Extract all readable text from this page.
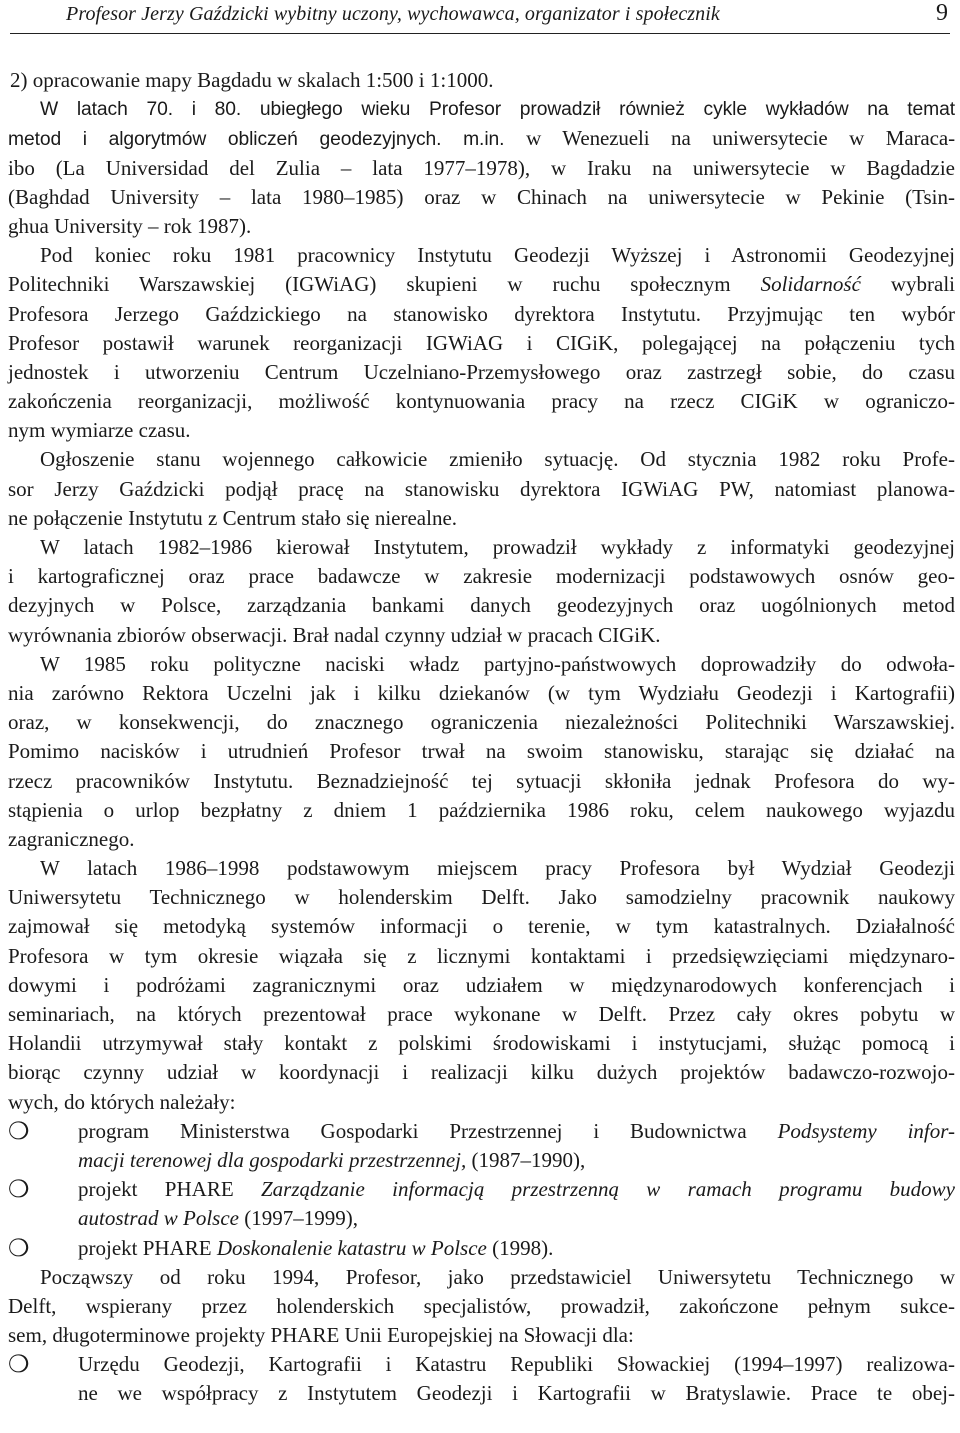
Profesor Jerzy Gaździcki wybitny uczony, wychowawca, organizator i społecznik	9
2) opracowanie mapy Bagdadu w skalach 1:500 i 1:1000.
W latach 70. i 80. ubiegłego wieku Profesor prowadził również cykle wykładów na temat
metod i algorytmów obliczeń geodezyjnych. m.in. w Wenezueli na uniwersytecie w Maraca-
ibo (La Universidad del Zulia – lata 1977–1978), w Iraku na uniwersytecie w Bagdadzie
(Baghdad University – lata 1980–1985) oraz w Chinach na uniwersytecie w Pekinie (Tsin-
ghua University – rok 1987).
Pod koniec roku 1981 pracownicy Instytutu Geodezji Wyższej i Astronomii Geodezyjnej
Politechniki Warszawskiej (IGWiAG) skupieni w ruchu społecznym Solidarność wybrali
Profesora Jerzego Gaździckiego na stanowisko dyrektora Instytutu. Przyjmując ten wybór
Profesor postawił warunek reorganizacji IGWiAG i CIGiK, polegającej na połączeniu tych
jednostek i utworzeniu Centrum Uczelniano-Przemysłowego oraz zastrzegł sobie, do czasu
zakończenia reorganizacji, możliwość kontynuowania pracy na rzecz CIGiK w ograniczo-
nym wymiarze czasu.
Ogłoszenie stanu wojennego całkowicie zmieniło sytuację. Od stycznia 1982 roku Profe-
sor Jerzy Gaździcki podjął pracę na stanowisku dyrektora IGWiAG PW, natomiast planowa-
ne połączenie Instytutu z Centrum stało się nierealne.
W latach 1982–1986 kierował Instytutem, prowadził wykłady z informatyki geodezyjnej
i kartograficznej oraz prace badawcze w zakresie modernizacji podstawowych osnów geo-
dezyjnych w Polsce, zarządzania bankami danych geodezyjnych oraz uogólnionych metod
wyrównania zbiorów obserwacji. Brał nadal czynny udział w pracach CIGiK.
W 1985 roku polityczne naciski władz partyjno-państwowych doprowadziły do odwoła-
nia zarówno Rektora Uczelni jak i kilku dziekanów (w tym Wydziału Geodezji i Kartografii)
oraz, w konsekwencji, do znacznego ograniczenia niezależności Politechniki Warszawskiej.
Pomimo nacisków i utrudnień Profesor trwał na swoim stanowisku, starając się działać na
rzecz pracowników Instytutu. Beznadziejność tej sytuacji skłoniła jednak Profesora do wy-
stąpienia o urlop bezpłatny z dniem 1 października 1986 roku, celem naukowego wyjazdu
zagranicznego.
W latach 1986–1998 podstawowym miejscem pracy Profesora był Wydział Geodezji
Uniwersytetu Technicznego w holenderskim Delft. Jako samodzielny pracownik naukowy
zajmował się metodyką systemów informacji o terenie, w tym katastralnych. Działalność
Profesora w tym okresie wiązała się z licznymi kontaktami i przedsięwzięciami międzynaro-
dowymi i podróżami zagranicznymi oraz udziałem w międzynarodowych konferencjach i
seminariach, na których prezentował prace wykonane w Delft. Przez cały okres pobytu w
Holandii utrzymywał stały kontakt z polskimi środowiskami i instytucjami, służąc pomocą i
biorąc czynny udział w koordynacji i realizacji kilku dużych projektów badawczo-rozwojo-
wych, do których należały:
❍
program Ministerstwa Gospodarki Przestrzennej i Budownictwa Podsystemy infor-
macji terenowej dla gospodarki przestrzennej, (1987–1990),
❍
projekt PHARE Zarządzanie informacją przestrzenną w ramach programu budowy
autostrad w Polsce (1997–1999),
❍
projekt PHARE Doskonalenie katastru w Polsce (1998).
Począwszy od roku 1994, Profesor, jako przedstawiciel Uniwersytetu Technicznego w
Delft, wspierany przez holenderskich specjalistów, prowadził, zakończone pełnym sukce-
sem, długoterminowe projekty PHARE Unii Europejskiej na Słowacji dla:
❍
Urzędu Geodezji, Kartografii i Katastru Republiki Słowackiej (1994–1997) realizowa-
ne we współpracy z Instytutem Geodezji i Kartografii w Bratyslawie. Prace te obej-
